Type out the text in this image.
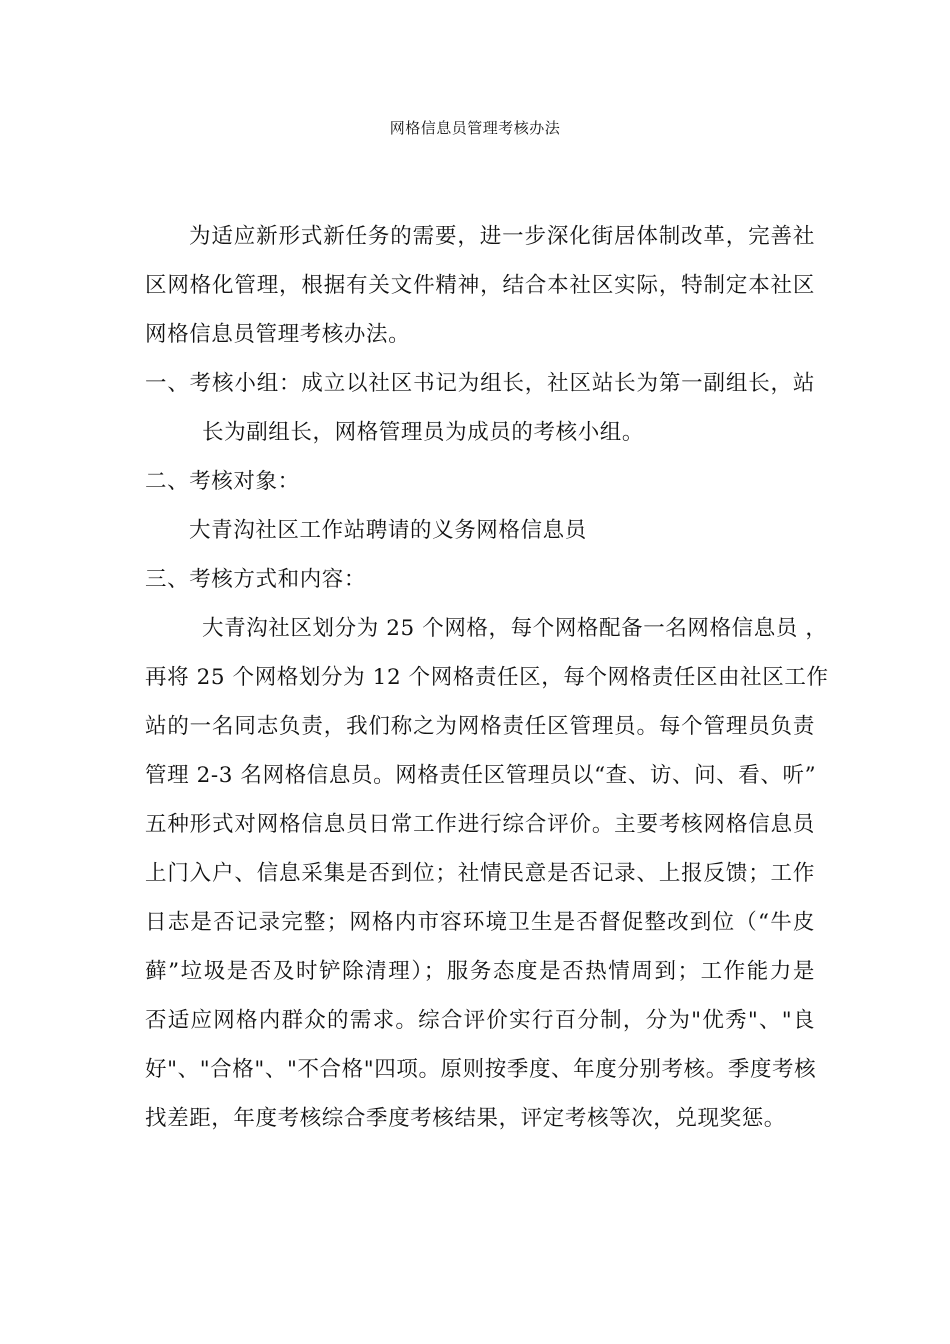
网格信息员管理考核办法

为适应新形式新任务的需要，进一步深化街居体制改革，完善社
区网格化管理，根据有关文件精神，结合本社区实际，特制定本社区
网格信息员管理考核办法。

一、考核小组：成立以社区书记为组长，社区站长为第一副组长，站
长为副组长，网格管理员为成员的考核小组。

二、考核对象：
大青沟社区工作站聘请的义务网格信息员

三、考核方式和内容：
大青沟社区划分为 25 个网格，每个网格配备一名网格信息员 ，
再将 25 个网格划分为 12 个网格责任区，每个网格责任区由社区工作
站的一名同志负责，我们称之为网格责任区管理员。每个管理员负责
管理 2-3 名网格信息员。网格责任区管理员以“查、访、问、看、听”
五种形式对网格信息员日常工作进行综合评价。主要考核网格信息员
上门入户、信息采集是否到位；社情民意是否记录、上报反馈；工作
日志是否记录完整；网格内市容环境卫生是否督促整改到位（“牛皮
藓”垃圾是否及时铲除清理）；服务态度是否热情周到；工作能力是
否适应网格内群众的需求。综合评价实行百分制，分为"优秀"、"良
好"、"合格"、"不合格"四项。原则按季度、年度分别考核。季度考核
找差距，年度考核综合季度考核结果，评定考核等次，兑现奖惩。
